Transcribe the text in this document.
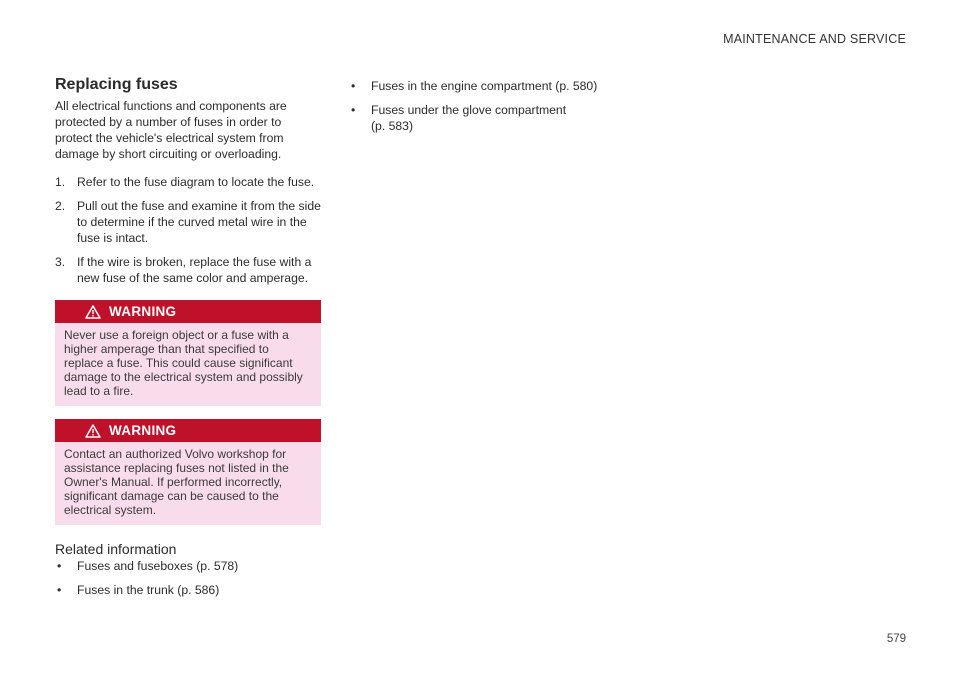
MAINTENANCE AND SERVICE
Replacing fuses

All electrical functions and components are protected by a number of fuses in order to protect the vehicle's electrical system from damage by short circuiting or overloading.

1. Refer to the fuse diagram to locate the fuse.
2. Pull out the fuse and examine it from the side to determine if the curved metal wire in the fuse is intact.
3. If the wire is broken, replace the fuse with a new fuse of the same color and amperage.
WARNING
Never use a foreign object or a fuse with a higher amperage than that specified to replace a fuse. This could cause significant damage to the electrical system and possibly lead to a fire.
WARNING
Contact an authorized Volvo workshop for assistance replacing fuses not listed in the Owner's Manual. If performed incorrectly, significant damage can be caused to the electrical system.
Related information
• Fuses and fuseboxes (p. 578)
• Fuses in the trunk (p. 586)
• Fuses in the engine compartment (p. 580)
• Fuses under the glove compartment (p. 583)
579
